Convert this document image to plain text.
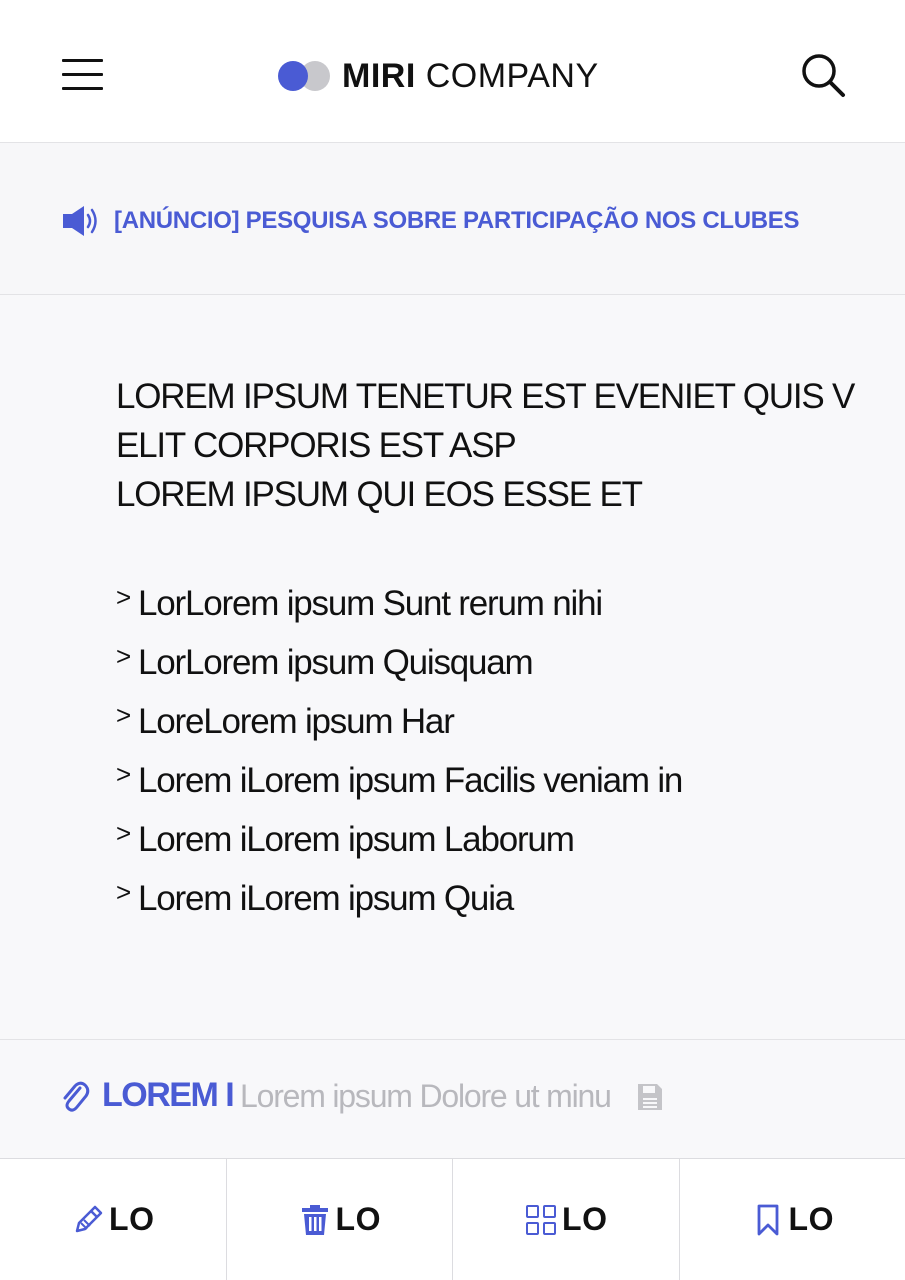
MIRI COMPANY
[ANÚNCIO] PESQUISA SOBRE PARTICIPAÇÃO NOS CLUBES
LOREM IPSUM TENETUR EST EVENIET QUIS V
ELIT CORPORIS EST ASP
LOREM IPSUM QUI EOS ESSE ET
> LorLorem ipsum Sunt rerum nihi
> LorLorem ipsum Quisquam
> LoreLorem ipsum Har
> Lorem iLorem ipsum Facilis veniam in
> Lorem iLorem ipsum Laborum
> Lorem iLorem ipsum Quia
LOREM I Lorem ipsum Dolore ut minu
LO	LO	LO	LO
